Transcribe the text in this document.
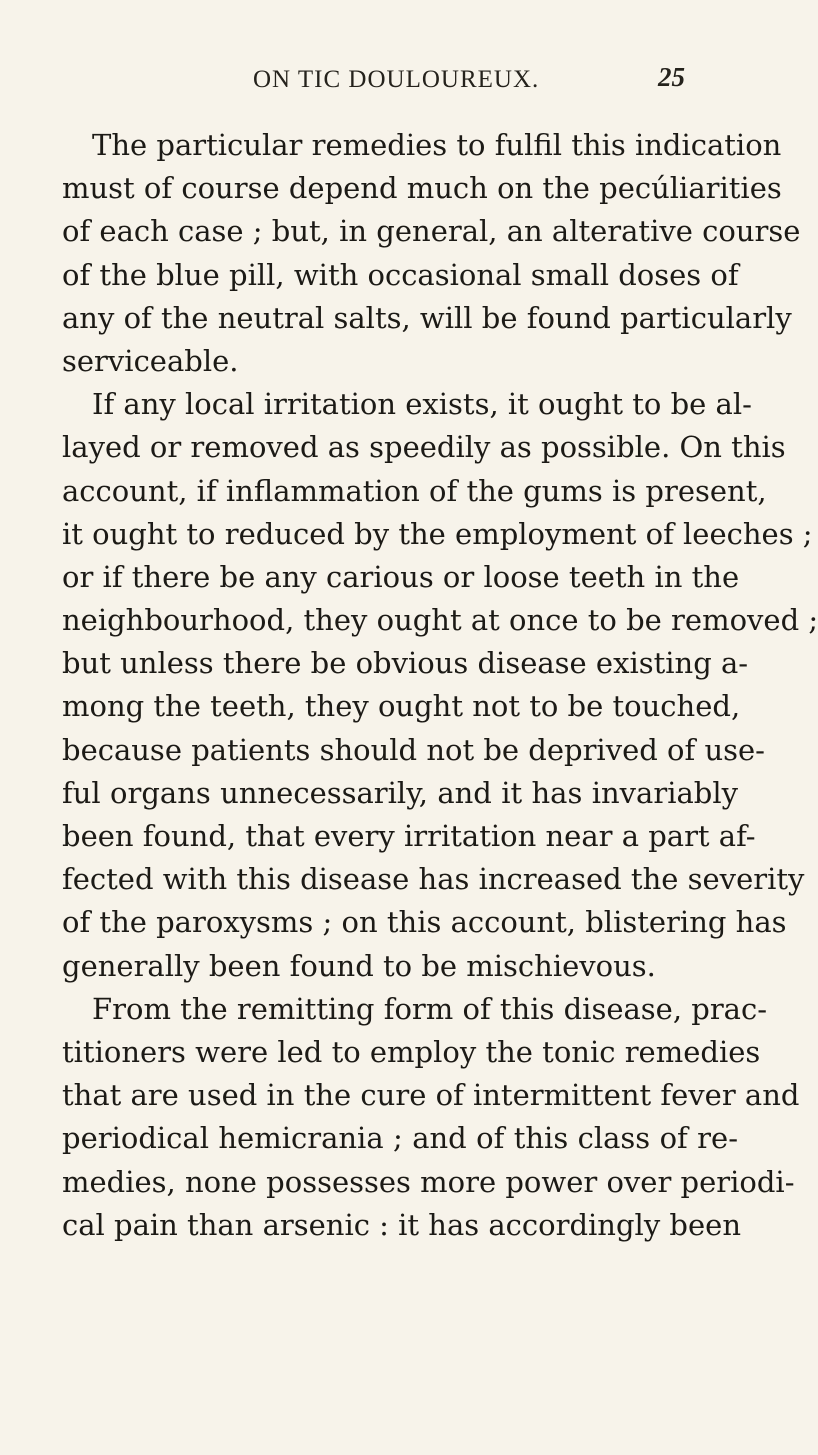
ON TIC DOULOUREUX.	25
The particular remedies to fulfil this indication
must of course depend much on the pecúliarities
of each case ; but, in general, an alterative course
of the blue pill, with occasional small doses of
any of the neutral salts, will be found particularly
serviceable.
If any local irritation exists, it ought to be al-
layed or removed as speedily as possible. On this
account, if inflammation of the gums is present,
it ought to reduced by the employment of leeches ;
or if there be any carious or loose teeth in the
neighbourhood, they ought at once to be removed ;
but unless there be obvious disease existing a-
mong the teeth, they ought not to be touched,
because patients should not be deprived of use-
ful organs unnecessarily, and it has invariably
been found, that every irritation near a part af-
fected with this disease has increased the severity
of the paroxysms ; on this account, blistering has
generally been found to be mischievous.
From the remitting form of this disease, prac-
titioners were led to employ the tonic remedies
that are used in the cure of intermittent fever and
periodical hemicrania ; and of this class of re-
medies, none possesses more power over periodi-
cal pain than arsenic : it has accordingly been
